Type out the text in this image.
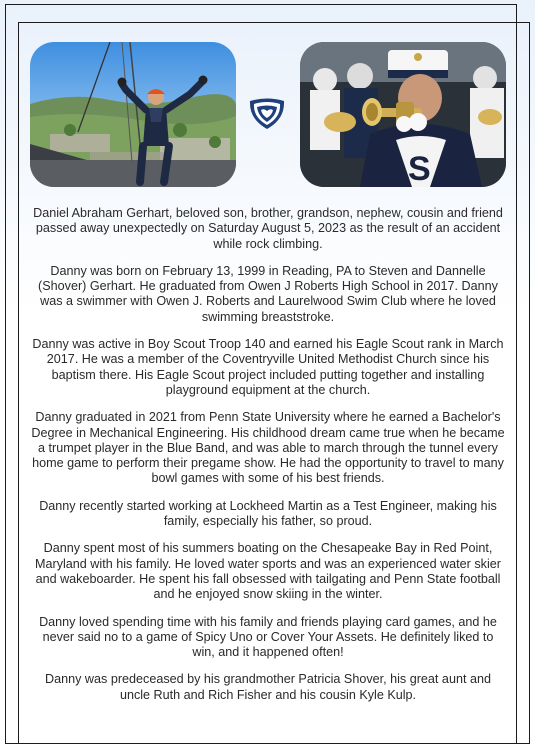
S

Daniel Abraham Gerhart, beloved son, brother, grandson, nephew, cousin and friend passed away unexpectedly on Saturday August 5, 2023 as the result of an accident while rock climbing.

Danny was born on February 13, 1999 in Reading, PA to Steven and Dannelle (Shover) Gerhart. He graduated from Owen J Roberts High School in 2017. Danny was a swimmer with Owen J. Roberts and Laurelwood Swim Club where he loved swimming breaststroke.

Danny was active in Boy Scout Troop 140 and earned his Eagle Scout rank in March 2017. He was a member of the Coventryville United Methodist Church since his baptism there. His Eagle Scout project included putting together and installing playground equipment at the church.

Danny graduated in 2021 from Penn State University where he earned a Bachelor's Degree in Mechanical Engineering. His childhood dream came true when he became a trumpet player in the Blue Band, and was able to march through the tunnel every home game to perform their pregame show. He had the opportunity to travel to many bowl games with some of his best friends.

Danny recently started working at Lockheed Martin as a Test Engineer, making his family, especially his father, so proud.

Danny spent most of his summers boating on the Chesapeake Bay in Red Point, Maryland with his family. He loved water sports and was an experienced water skier and wakeboarder. He spent his fall obsessed with tailgating and Penn State football and he enjoyed snow skiing in the winter.

Danny loved spending time with his family and friends playing card games, and he never said no to a game of Spicy Uno or Cover Your Assets. He definitely liked to win, and it happened often!

Danny was predeceased by his grandmother Patricia Shover, his great aunt and uncle Ruth and Rich Fisher and his cousin Kyle Kulp.
